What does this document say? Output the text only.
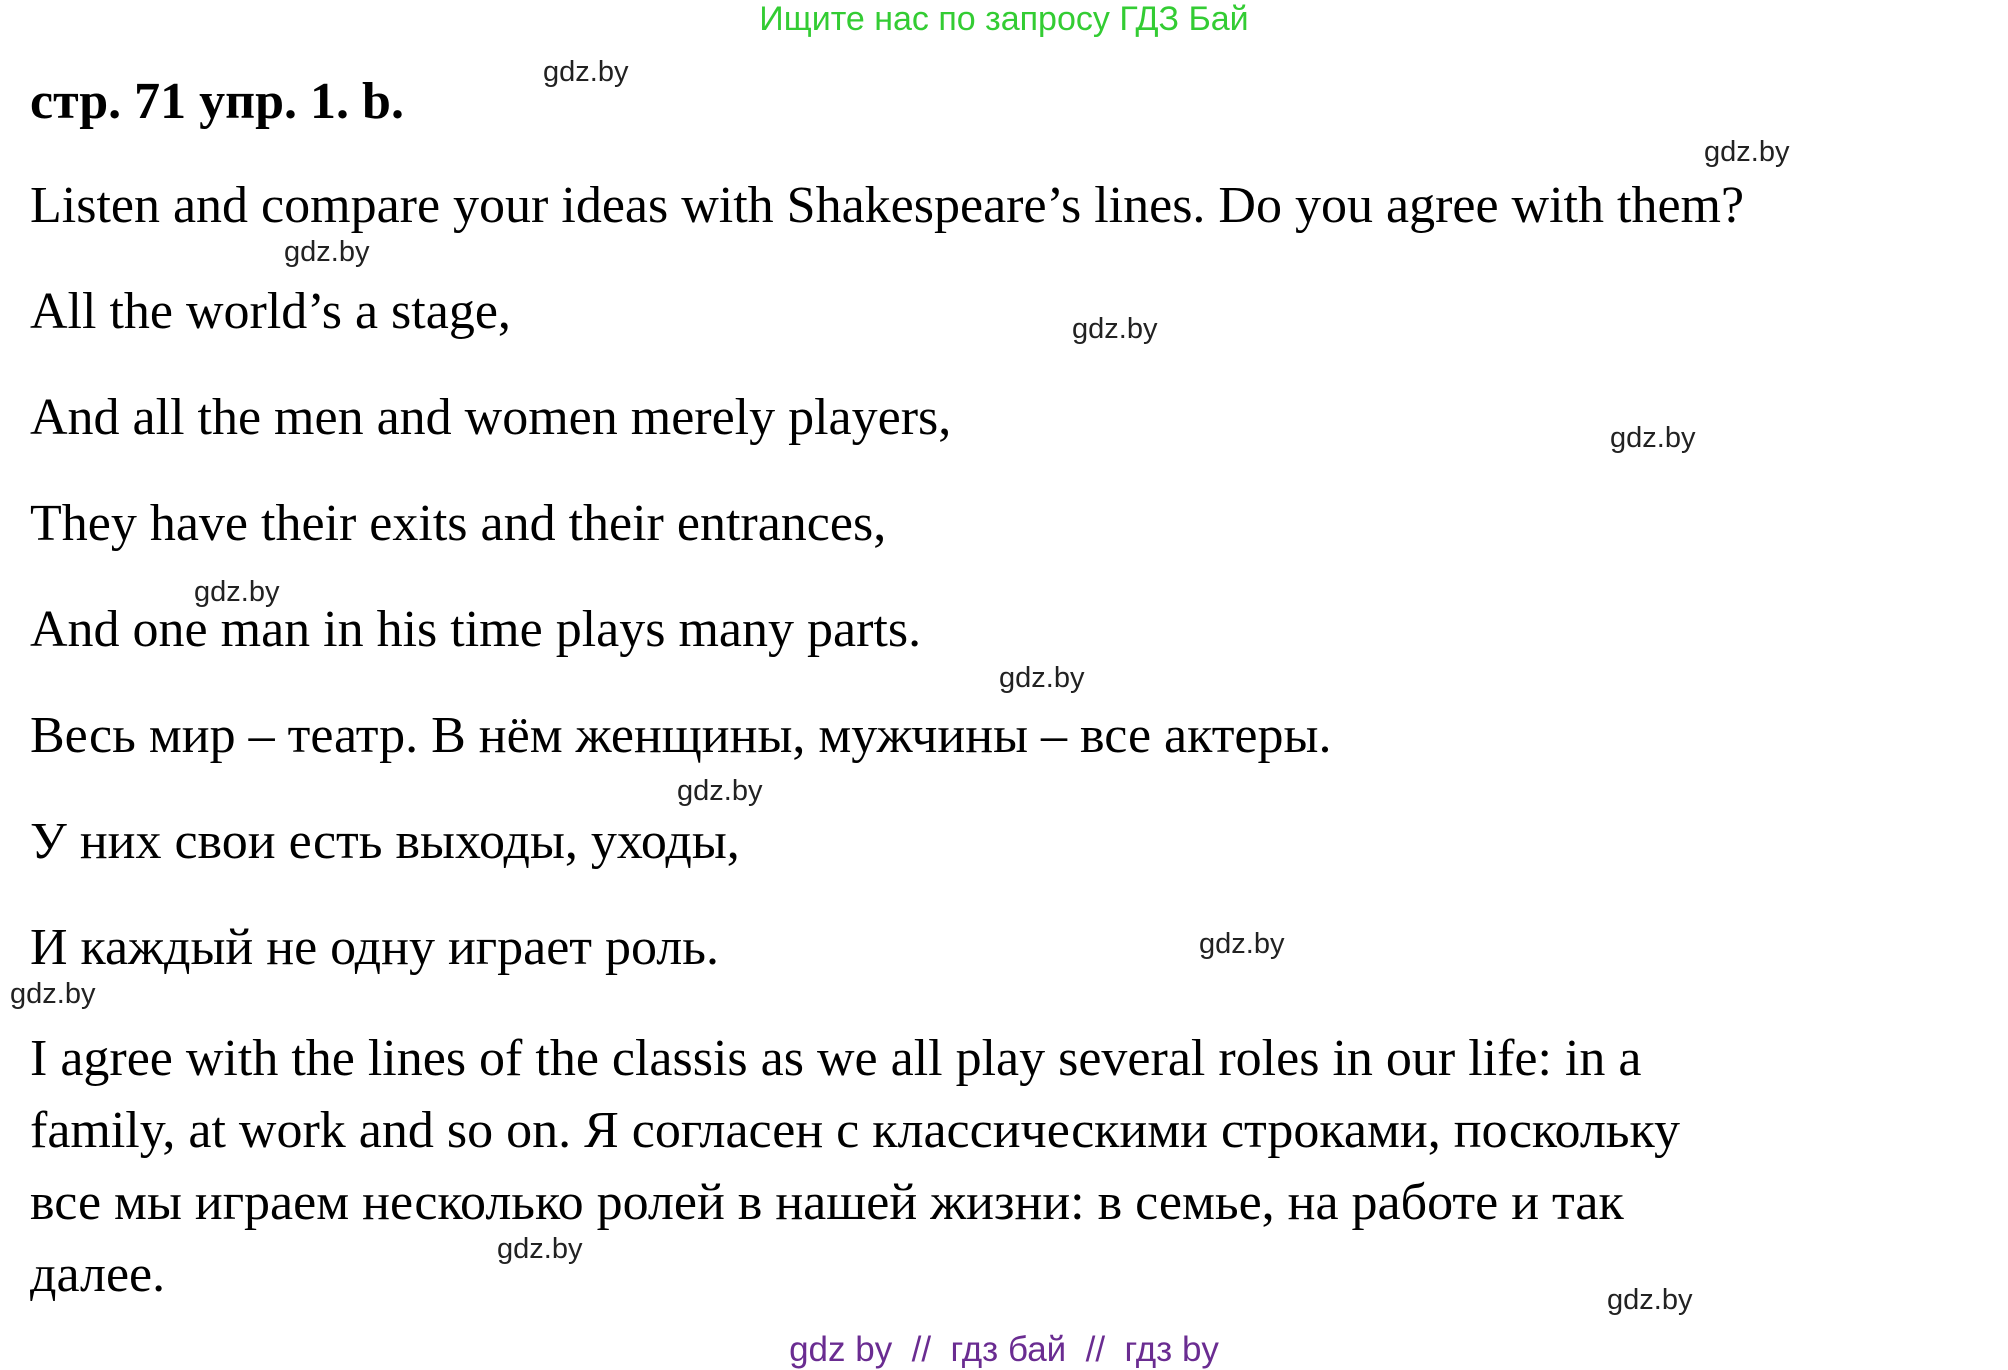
Ищите нас по запросу ГДЗ Бай
стр. 71 упр. 1. b.
Listen and compare your ideas with Shakespeare’s lines. Do you agree with them?
All the world’s a stage,
And all the men and women merely players,
They have their exits and their entrances,
And one man in his time plays many parts.
Весь мир – театр. В нём женщины, мужчины – все актеры.
У них свои есть выходы, уходы,
И каждый не одну играет роль.
I agree with the lines of the classis as we all play several roles in our life: in a
family, at work and so on. Я согласен с классическими строками, поскольку
все мы играем несколько ролей в нашей жизни: в семье, на работе и так
далее.
gdz.by
gdz.by
gdz.by
gdz.by
gdz.by
gdz.by
gdz.by
gdz.by
gdz.by
gdz.by
gdz.by
gdz.by
gdz by  //  гдз бай  //  гдз by
